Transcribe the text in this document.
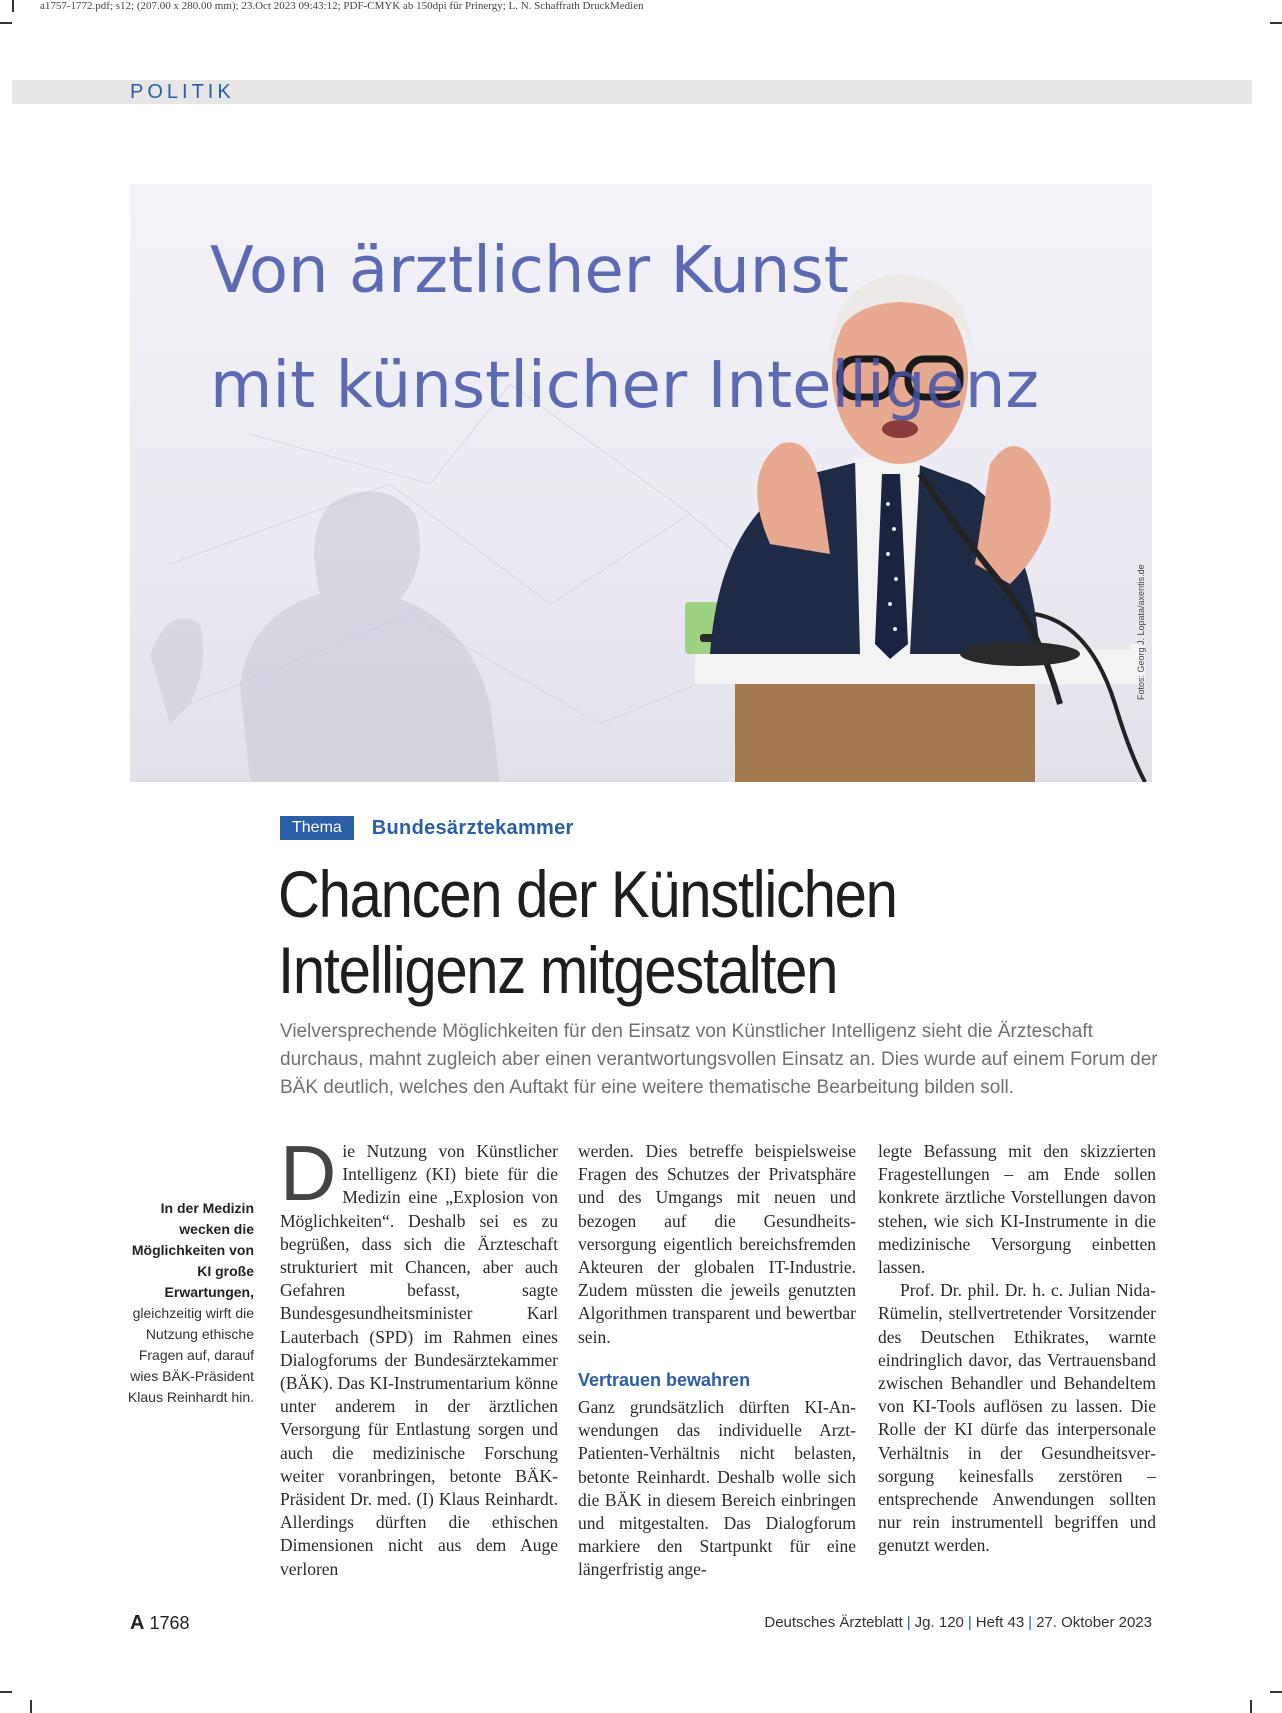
a1757-1772.pdf; s12; (207.00 x 280.00 mm); 23.Oct 2023 09:43:12; PDF-CMYK ab 150dpi für Prinergy; L. N. Schaffrath DruckMedien
POLITIK
Von ärztlicher Kunst
mit künstlicher Intelligenz
Fotos: Georg J. Lopata/axentis.de
Thema Bundesärztekammer
Chancen der Künstlichen
Intelligenz mitgestalten
Vielversprechende Möglichkeiten für den Einsatz von Künstlicher Intelligenz sieht die Ärzteschaft durchaus, mahnt zugleich aber einen verantwortungsvollen Einsatz an. Dies wurde auf einem Forum der BÄK deutlich, welches den Auftakt für eine weitere thematische Bearbeitung bilden soll.
In der Medizin wecken die Möglichkeiten von KI große Erwartungen, gleichzeitig wirft die Nutzung ethische Fragen auf, darauf wies BÄK-Präsident Klaus Reinhardt hin.
D ie Nutzung von Künstlicher Intelligenz (KI) biete für die Medizin eine „Explosion von Möglichkeiten“. Deshalb sei es zu begrüßen, dass sich die Ärzteschaft strukturiert mit Chancen, aber auch Gefahren befasst, sagte Bundesgesundheitsminister Karl Lauterbach (SPD) im Rahmen eines Dialogforums der Bundesärztekammer (BÄK). Das KI-Instrumentarium könne unter anderem in der ärztlichen Versorgung für Entlastung sorgen und auch die medizinische Forschung weiter voranbringen, betonte BÄK-Präsident Dr. med. (I) Klaus Reinhardt. Allerdings dürften die ethischen Dimensionen nicht aus dem Auge verloren

werden. Dies betreffe beispielsweise Fragen des Schutzes der Privatsphäre und des Umgangs mit neuen und bezogen auf die Gesundheitsversorgung eigentlich bereichsfremden Akteuren der globalen IT-Industrie. Zudem müssten die jeweils genutzten Algorithmen transparent und bewertbar sein.

Vertrauen bewahren

Ganz grundsätzlich dürften KI-Anwendungen das individuelle Arzt-Patienten-Verhältnis nicht belasten, betonte Reinhardt. Deshalb wolle sich die BÄK in diesem Bereich einbringen und mitgestalten. Das Dialogforum markiere den Startpunkt für eine längerfristig ange-

legte Befassung mit den skizzierten Fragestellungen – am Ende sollen konkrete ärztliche Vorstellungen davon stehen, wie sich KI-Instrumente in die medizinische Versorgung einbetten lassen.

Prof. Dr. phil. Dr. h. c. Julian Nida-Rümelin, stellvertretender Vorsitzender des Deutschen Ethikrates, warnte eindringlich davor, das Vertrauensband zwischen Behandler und Behandeltem von KI-Tools auflösen zu lassen. Die Rolle der KI dürfe das interpersonale Verhältnis in der Gesundheitsversorgung keinesfalls zerstören – entsprechende Anwendungen sollten nur rein instrumentell begriffen und genutzt werden.

A 1768	Deutsches Ärzteblatt | Jg. 120 | Heft 43 | 27. Oktober 2023
